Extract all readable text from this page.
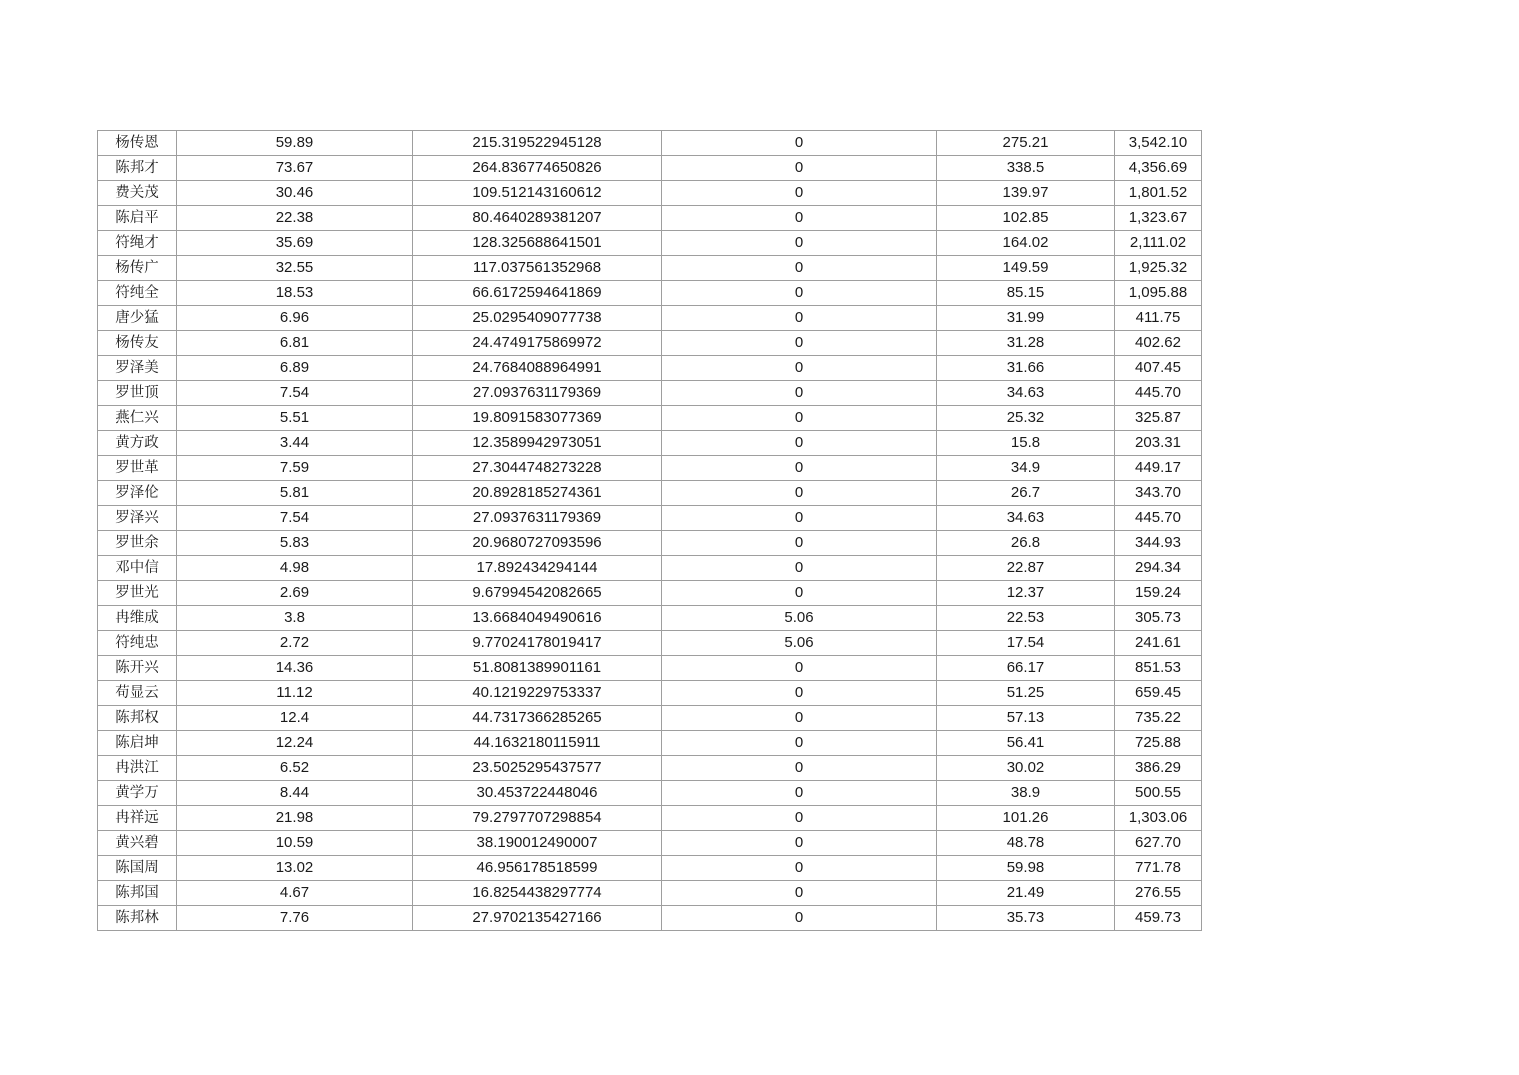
杨传恩	59.89	215.319522945128	0	275.21	3,542.10
陈邦才	73.67	264.836774650826	0	338.5	4,356.69
费关茂	30.46	109.512143160612	0	139.97	1,801.52
陈启平	22.38	80.4640289381207	0	102.85	1,323.67
符绳才	35.69	128.325688641501	0	164.02	2,111.02
杨传广	32.55	117.037561352968	0	149.59	1,925.32
符纯全	18.53	66.6172594641869	0	85.15	1,095.88
唐少猛	6.96	25.0295409077738	0	31.99	411.75
杨传友	6.81	24.4749175869972	0	31.28	402.62
罗泽美	6.89	24.7684088964991	0	31.66	407.45
罗世顶	7.54	27.0937631179369	0	34.63	445.70
燕仁兴	5.51	19.8091583077369	0	25.32	325.87
黄方政	3.44	12.3589942973051	0	15.8	203.31
罗世革	7.59	27.3044748273228	0	34.9	449.17
罗泽伦	5.81	20.8928185274361	0	26.7	343.70
罗泽兴	7.54	27.0937631179369	0	34.63	445.70
罗世余	5.83	20.9680727093596	0	26.8	344.93
邓中信	4.98	17.892434294144	0	22.87	294.34
罗世光	2.69	9.67994542082665	0	12.37	159.24
冉维成	3.8	13.6684049490616	5.06	22.53	305.73
符纯忠	2.72	9.77024178019417	5.06	17.54	241.61
陈开兴	14.36	51.8081389901161	0	66.17	851.53
苟显云	11.12	40.1219229753337	0	51.25	659.45
陈邦权	12.4	44.7317366285265	0	57.13	735.22
陈启坤	12.24	44.1632180115911	0	56.41	725.88
冉洪江	6.52	23.5025295437577	0	30.02	386.29
黄学万	8.44	30.453722448046	0	38.9	500.55
冉祥远	21.98	79.2797707298854	0	101.26	1,303.06
黄兴碧	10.59	38.190012490007	0	48.78	627.70
陈国周	13.02	46.956178518599	0	59.98	771.78
陈邦国	4.67	16.8254438297774	0	21.49	276.55
陈邦林	7.76	27.9702135427166	0	35.73	459.73
